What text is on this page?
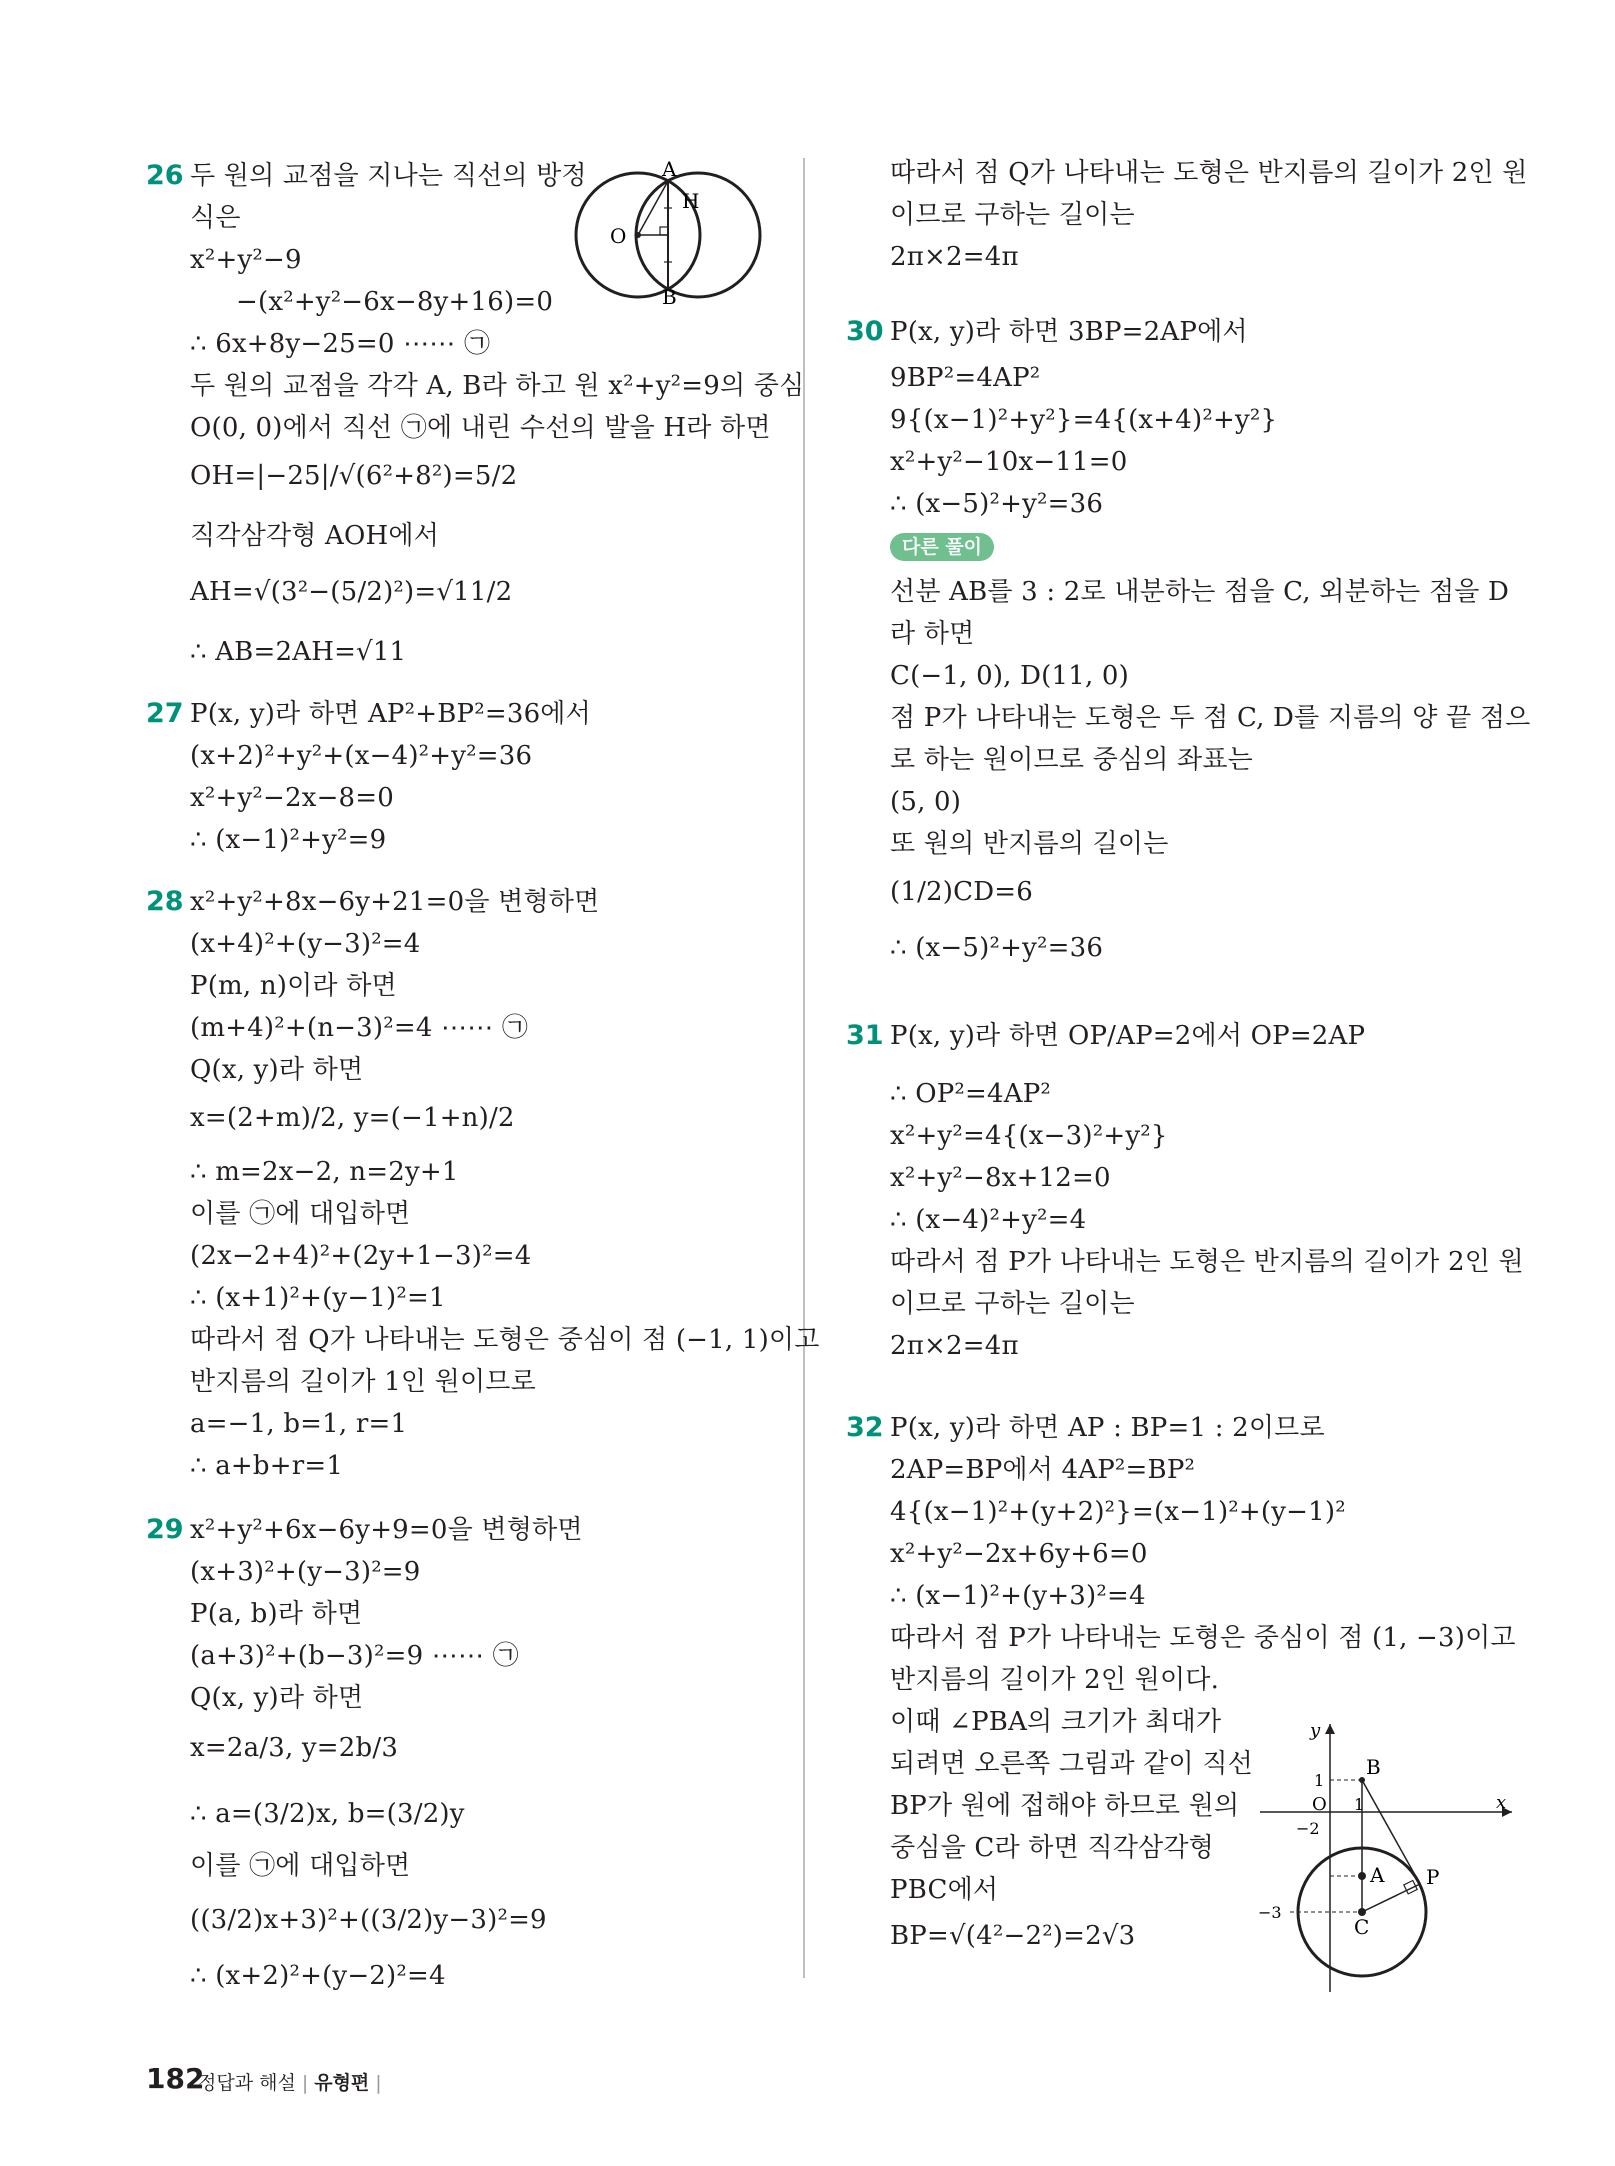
26 두 원의 교점을 지나는 직선의 방정
식은
x²+y²−9
−(x²+y²−6x−8y+16)=0
∴ 6x+8y−25=0 ⋯⋯ ㉠
두 원의 교점을 각각 A, B라 하고 원 x²+y²=9의 중심
O(0, 0)에서 직선 ㉠에 내린 수선의 발을 H라 하면
OH=|−25|/√(6²+8²)=5/2
직각삼각형 AOH에서
AH=√(3²−(5/2)²)=√11/2
∴ AB=2AH=√11
A
H
O
B
27 P(x, y)라 하면 AP²+BP²=36에서
(x+2)²+y²+(x−4)²+y²=36
x²+y²−2x−8=0
∴ (x−1)²+y²=9
28 x²+y²+8x−6y+21=0을 변형하면
(x+4)²+(y−3)²=4
P(m, n)이라 하면
(m+4)²+(n−3)²=4 ⋯⋯ ㉠
Q(x, y)라 하면
x=(2+m)/2, y=(−1+n)/2
∴ m=2x−2, n=2y+1
이를 ㉠에 대입하면
(2x−2+4)²+(2y+1−3)²=4
∴ (x+1)²+(y−1)²=1
따라서 점 Q가 나타내는 도형은 중심이 점 (−1, 1)이고
반지름의 길이가 1인 원이므로
a=−1, b=1, r=1
∴ a+b+r=1
29 x²+y²+6x−6y+9=0을 변형하면
(x+3)²+(y−3)²=9
P(a, b)라 하면
(a+3)²+(b−3)²=9 ⋯⋯ ㉠
Q(x, y)라 하면
x=2a/3, y=2b/3
∴ a=(3/2)x, b=(3/2)y
이를 ㉠에 대입하면
((3/2)x+3)²+((3/2)y−3)²=9
∴ (x+2)²+(y−2)²=4
따라서 점 Q가 나타내는 도형은 반지름의 길이가 2인 원
이므로 구하는 길이는
2π×2=4π
30 P(x, y)라 하면 3BP=2AP에서
9BP²=4AP²
9{(x−1)²+y²}=4{(x+4)²+y²}
x²+y²−10x−11=0
∴ (x−5)²+y²=36
선분 AB를 3 : 2로 내분하는 점을 C, 외분하는 점을 D
라 하면
C(−1, 0), D(11, 0)
점 P가 나타내는 도형은 두 점 C, D를 지름의 양 끝 점으
로 하는 원이므로 중심의 좌표는
(5, 0)
또 원의 반지름의 길이는
(1/2)CD=6
∴ (x−5)²+y²=36
31 P(x, y)라 하면 OP/AP=2에서 OP=2AP
∴ OP²=4AP²
x²+y²=4{(x−3)²+y²}
x²+y²−8x+12=0
∴ (x−4)²+y²=4
따라서 점 P가 나타내는 도형은 반지름의 길이가 2인 원
이므로 구하는 길이는
2π×2=4π
32 P(x, y)라 하면 AP : BP=1 : 2이므로
2AP=BP에서 4AP²=BP²
4{(x−1)²+(y+2)²}=(x−1)²+(y−1)²
x²+y²−2x+6y+6=0
∴ (x−1)²+(y+3)²=4
따라서 점 P가 나타내는 도형은 중심이 점 (1, −3)이고
반지름의 길이가 2인 원이다.
이때 ∠PBA의 크기가 최대가
되려면 오른쪽 그림과 같이 직선
BP가 원에 접해야 하므로 원의
중심을 C라 하면 직각삼각형
PBC에서
BP=√(4²−2²)=2√3
y
B
1
O 1	x
−2
A P
−3
C
다른 풀이
182
정답과 해설 | 유형편 |
